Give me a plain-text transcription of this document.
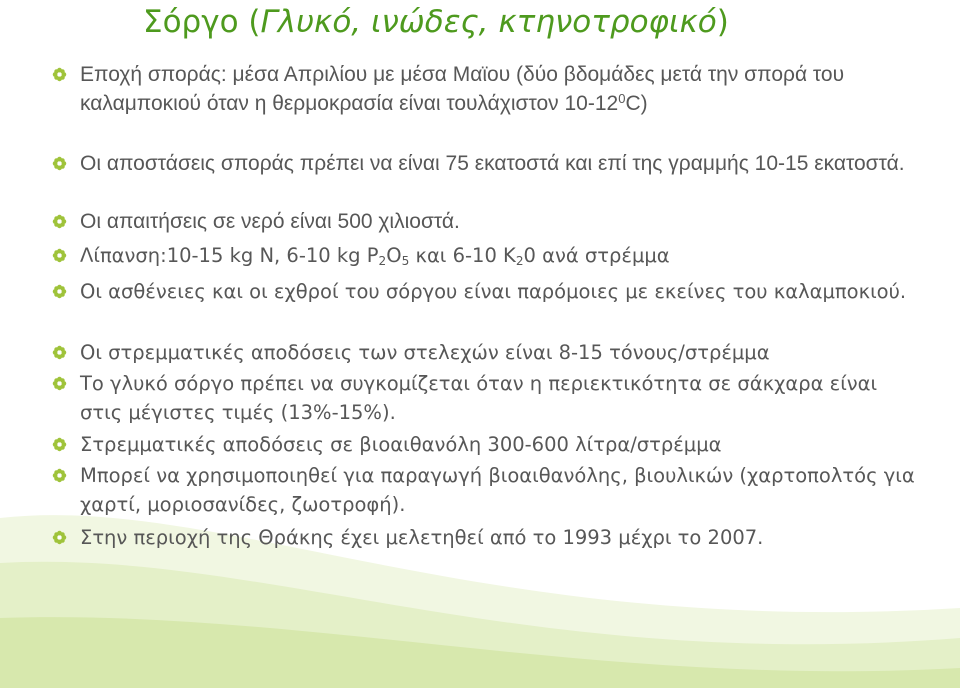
Σόργο (Γλυκό, ινώδες, κτηνοτροφικό)

Εποχή σποράς: μέσα Απριλίου με μέσα Μαϊου (δύο βδομάδες μετά την σπορά του καλαμποκιού όταν η θερμοκρασία είναι τουλάχιστον $10-12^0C$)

Οι αποστάσεις σποράς πρέπει να είναι 75 εκατοστά και επί της γραμμής 10-15 εκατοστά.

Οι απαιτήσεις σε νερό είναι 500 χιλιοστά.

Λίπανση:10-15 kg N, 6-10 kg $P_2O_5$ και 6-10 $K_20$ ανά στρέμμα

Οι ασθένειες και οι εχθροί του σόργου είναι παρόμοιες με εκείνες του καλαμποκιού.

Οι στρεμματικές αποδόσεις των στελεχών είναι 8-15 τόνους/στρέμμα

Το γλυκό σόργο πρέπει να συγκομίζεται όταν η περιεκτικότητα σε σάκχαρα είναι στις μέγιστες τιμές (13%-15%).

Στρεμματικές αποδόσεις σε βιοαιθανόλη 300-600 λίτρα/στρέμμα

Μπορεί να χρησιμοποιηθεί για παραγωγή βιοαιθανόλης, βιουλικών (χαρτοπολτός για χαρτί, μοριοσανίδες, ζωοτροφή).

Στην περιοχή της Θράκης έχει μελετηθεί από το 1993 μέχρι το 2007.
